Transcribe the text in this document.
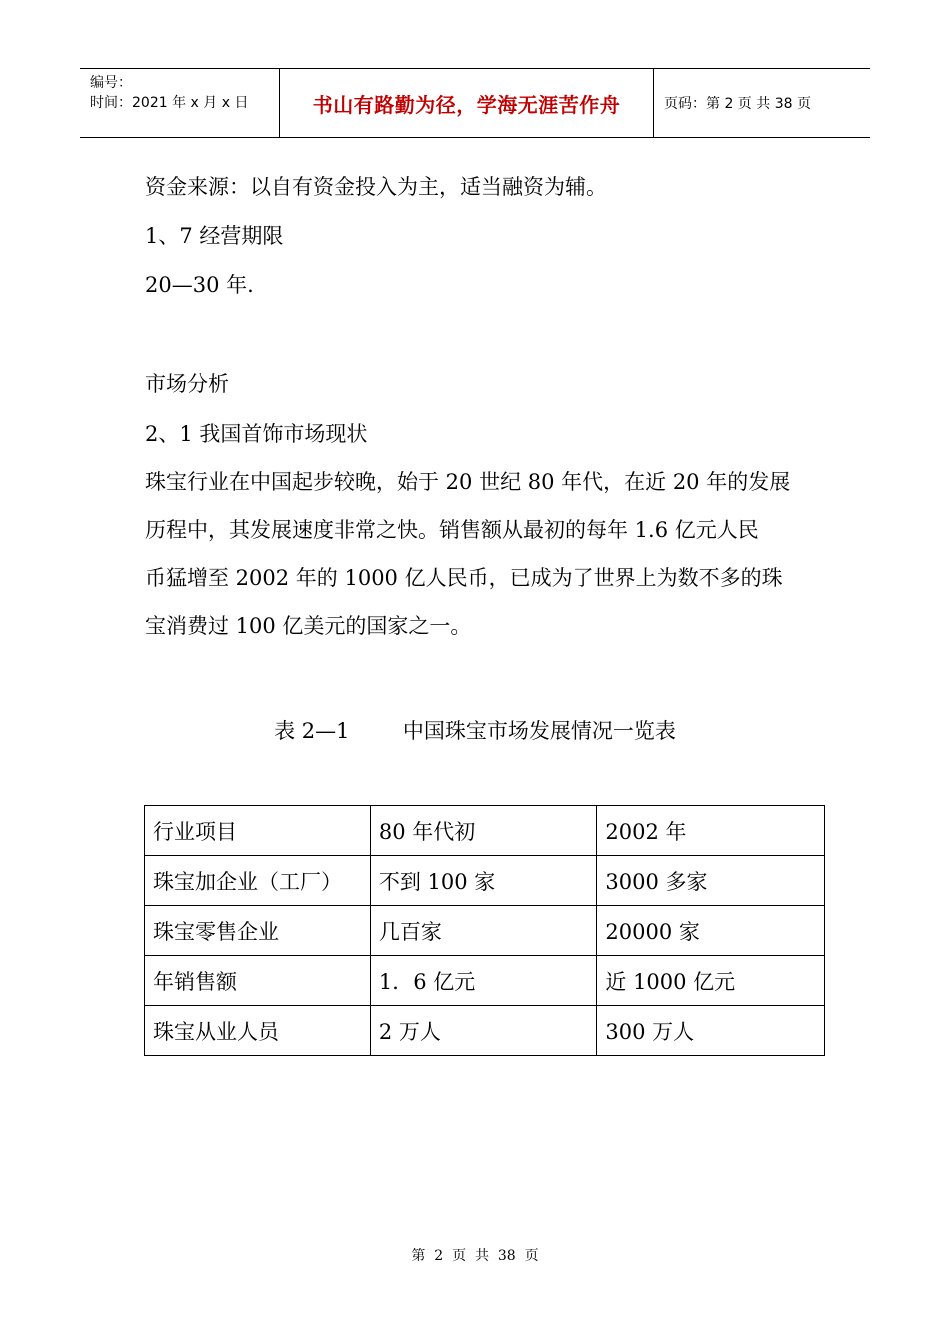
编号：
时间：2021 年 x 月 x 日	书山有路勤为径，学海无涯苦作舟	页码：第 2 页 共 38 页
资金来源：以自有资金投入为主，适当融资为辅。
1、7 经营期限
20—30 年.
市场分析
2、1 我国首饰市场现状
珠宝行业在中国起步较晚，始于 20 世纪 80 年代，在近 20 年的发展
历程中，其发展速度非常之快。销售额从最初的每年 1.6 亿元人民
币猛增至 2002 年的 1000 亿人民币，已成为了世界上为数不多的珠
宝消费过 100 亿美元的国家之一。
表 2—1        中国珠宝市场发展情况一览表
行业项目	80 年代初	2002 年
珠宝加企业（工厂）	不到 100 家	3000 多家
珠宝零售企业	几百家	20000 家
年销售额	1．6 亿元	近 1000 亿元
珠宝从业人员	2 万人	300 万人
第  2  页  共  38  页
